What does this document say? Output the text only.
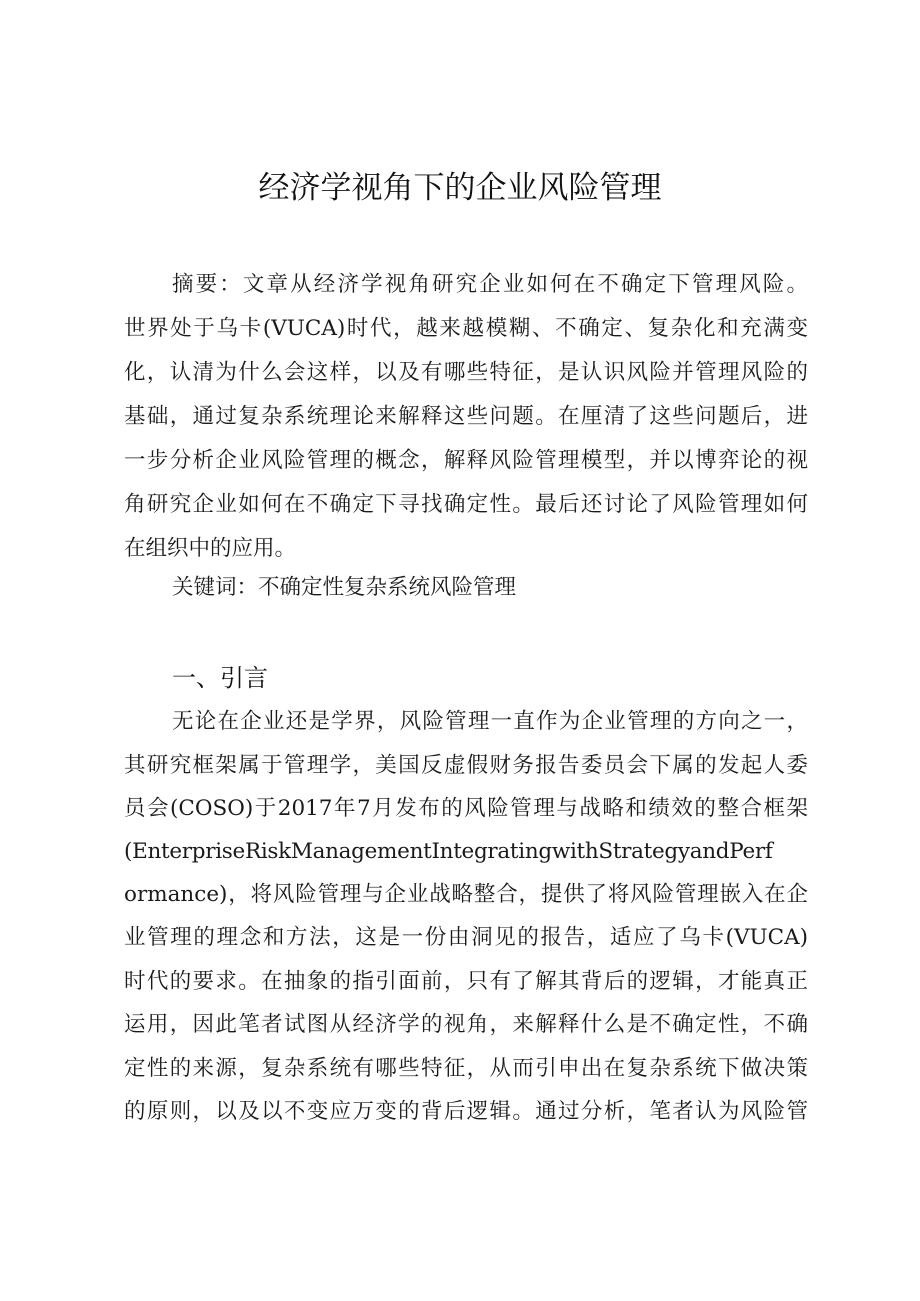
经济学视角下的企业风险管理
摘要：文章从经济学视角研究企业如何在不确定下管理风险。
世界处于乌卡(VUCA)时代，越来越模糊、不确定、复杂化和充满变
化，认清为什么会这样，以及有哪些特征，是认识风险并管理风险的
基础，通过复杂系统理论来解释这些问题。在厘清了这些问题后，进
一步分析企业风险管理的概念，解释风险管理模型，并以博弈论的视
角研究企业如何在不确定下寻找确定性。最后还讨论了风险管理如何
在组织中的应用。
关键词：不确定性复杂系统风险管理
一、引言
无论在企业还是学界，风险管理一直作为企业管理的方向之一，
其研究框架属于管理学，美国反虚假财务报告委员会下属的发起人委
员会(COSO)于2017年7月发布的风险管理与战略和绩效的整合框架
(EnterpriseRiskManagementIntegratingwithStrategyandPerf
ormance)，将风险管理与企业战略整合，提供了将风险管理嵌入在企
业管理的理念和方法，这是一份由洞见的报告，适应了乌卡(VUCA)
时代的要求。在抽象的指引面前，只有了解其背后的逻辑，才能真正
运用，因此笔者试图从经济学的视角，来解释什么是不确定性，不确
定性的来源，复杂系统有哪些特征，从而引申出在复杂系统下做决策
的原则，以及以不变应万变的背后逻辑。通过分析，笔者认为风险管
